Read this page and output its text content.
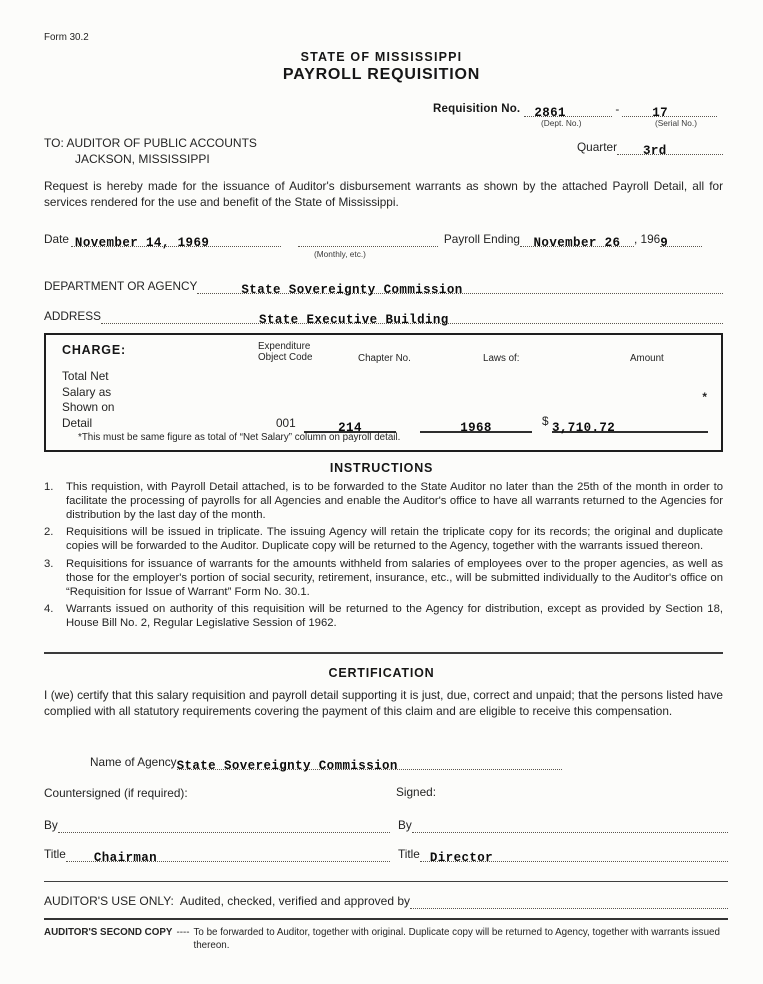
Form 30.2
STATE OF MISSISSIPPI
PAYROLL REQUISITION
Requisition No.	2861	-	17
(Dept. No.)	(Serial No.)
TO: AUDITOR OF PUBLIC ACCOUNTS
JACKSON, MISSISSIPPI
Quarter	3rd
Request is hereby made for the issuance of Auditor's disbursement warrants as shown by the attached Payroll Detail, all for services rendered for the use and benefit of the State of Mississippi.
Date November 14, 1969	Payroll Ending November 26 , 196 9
(Monthly, etc.)
DEPARTMENT OR AGENCY	State Sovereignty Commission
ADDRESS	State Executive Building
CHARGE:	Expenditure
Object Code	Chapter No.	Laws of:	Amount
Total Net
Salary as
Shown on
Detail	001	214	1968	$ 3,710.72
*
*This must be same figure as total of “Net Salary” column on payroll detail.
INSTRUCTIONS
1.	This requistion, with Payroll Detail attached, is to be forwarded to the State Auditor no later than the 25th of the month in order to facilitate the processing of payrolls for all Agencies and enable the Auditor's office to have all warrants returned to the Agencies for distribution by the last day of the month.
2.	Requisitions will be issued in triplicate. The issuing Agency will retain the triplicate copy for its records; the original and duplicate copies will be forwarded to the Auditor. Duplicate copy will be returned to the Agency, together with the warrants issued thereon.
3.	Requisitions for issuance of warrants for the amounts withheld from salaries of employees over to the proper agencies, as well as those for the employer's portion of social security, retirement, insurance, etc., will be submitted individually to the Auditor's office on “Requisition for Issue of Warrant” Form No. 30.1.
4.	Warrants issued on authority of this requisition will be returned to the Agency for distribution, except as provided by Section 18, House Bill No. 2, Regular Legislative Session of 1962.
CERTIFICATION
I (we) certify that this salary requisition and payroll detail supporting it is just, due, correct and unpaid; that the persons listed have complied with all statutory requirements covering the payment of this claim and are eligible to receive this compensation.
Name of Agency State Sovereignty Commission
Countersigned (if required):	Signed:
By	By
Title	Chairman	Title Director
AUDITOR'S USE ONLY:  Audited, checked, verified and approved by
AUDITOR'S SECOND COPY ---- To be forwarded to Auditor, together with original. Duplicate copy will be returned to Agency, together with warrants issued thereon.
